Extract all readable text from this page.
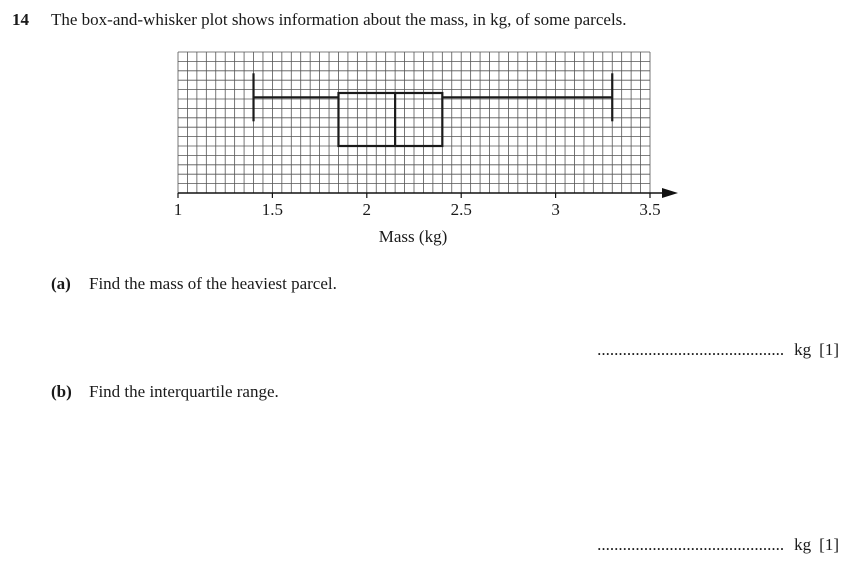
14 The box-and-whisker plot shows information about the mass, in kg, of some parcels.
1	1.5	2	2.5	3	3.5
Mass (kg)
(a) Find the mass of the heaviest parcel.
............................................ kg [1]
(b) Find the interquartile range.
............................................ kg [1]
